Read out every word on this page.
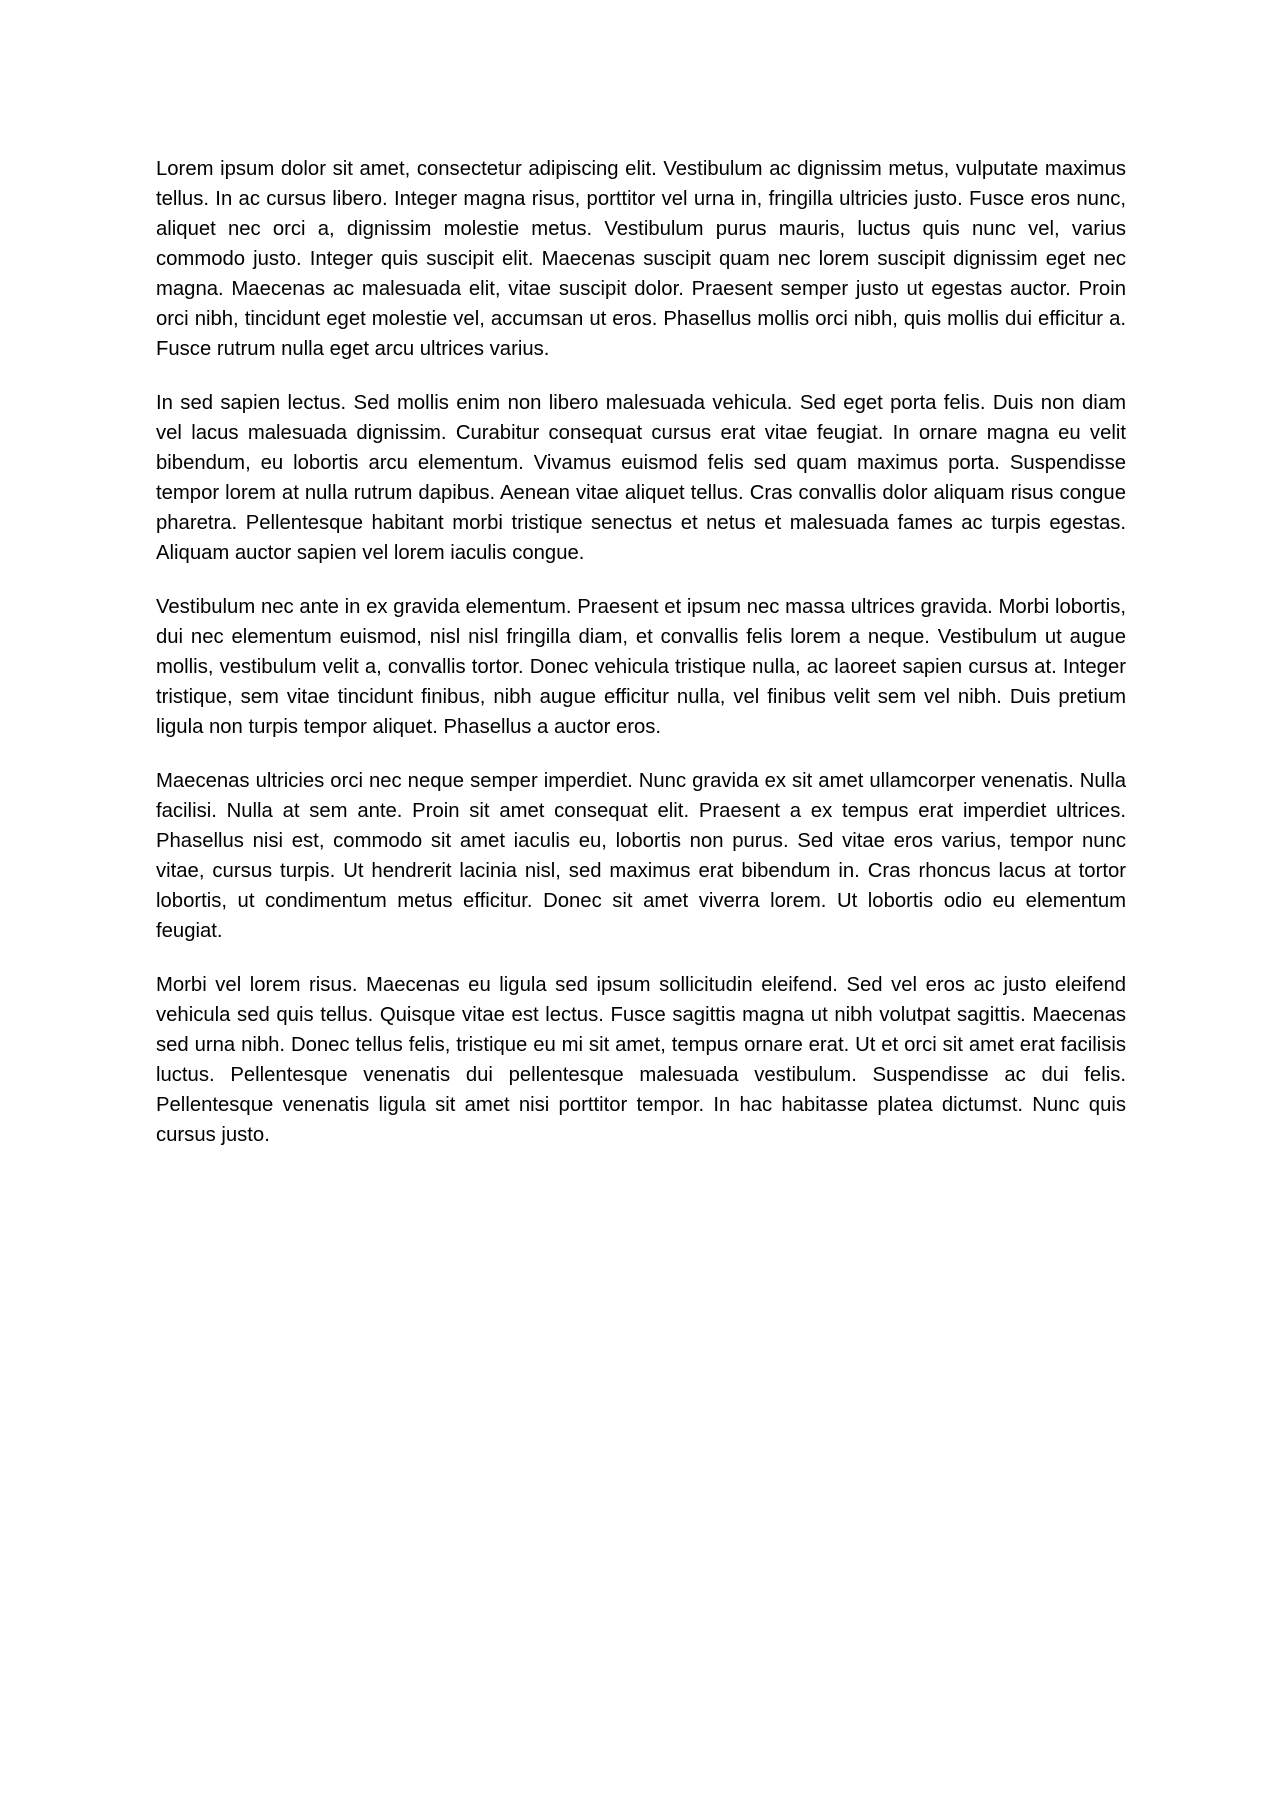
Lorem ipsum dolor sit amet, consectetur adipiscing elit. Vestibulum ac dignissim metus, vulputate maximus tellus. In ac cursus libero. Integer magna risus, porttitor vel urna in, fringilla ultricies justo. Fusce eros nunc, aliquet nec orci a, dignissim molestie metus. Vestibulum purus mauris, luctus quis nunc vel, varius commodo justo. Integer quis suscipit elit. Maecenas suscipit quam nec lorem suscipit dignissim eget nec magna. Maecenas ac malesuada elit, vitae suscipit dolor. Praesent semper justo ut egestas auctor. Proin orci nibh, tincidunt eget molestie vel, accumsan ut eros. Phasellus mollis orci nibh, quis mollis dui efficitur a. Fusce rutrum nulla eget arcu ultrices varius.

In sed sapien lectus. Sed mollis enim non libero malesuada vehicula. Sed eget porta felis. Duis non diam vel lacus malesuada dignissim. Curabitur consequat cursus erat vitae feugiat. In ornare magna eu velit bibendum, eu lobortis arcu elementum. Vivamus euismod felis sed quam maximus porta. Suspendisse tempor lorem at nulla rutrum dapibus. Aenean vitae aliquet tellus. Cras convallis dolor aliquam risus congue pharetra. Pellentesque habitant morbi tristique senectus et netus et malesuada fames ac turpis egestas. Aliquam auctor sapien vel lorem iaculis congue.

Vestibulum nec ante in ex gravida elementum. Praesent et ipsum nec massa ultrices gravida. Morbi lobortis, dui nec elementum euismod, nisl nisl fringilla diam, et convallis felis lorem a neque. Vestibulum ut augue mollis, vestibulum velit a, convallis tortor. Donec vehicula tristique nulla, ac laoreet sapien cursus at. Integer tristique, sem vitae tincidunt finibus, nibh augue efficitur nulla, vel finibus velit sem vel nibh. Duis pretium ligula non turpis tempor aliquet. Phasellus a auctor eros.

Maecenas ultricies orci nec neque semper imperdiet. Nunc gravida ex sit amet ullamcorper venenatis. Nulla facilisi. Nulla at sem ante. Proin sit amet consequat elit. Praesent a ex tempus erat imperdiet ultrices. Phasellus nisi est, commodo sit amet iaculis eu, lobortis non purus. Sed vitae eros varius, tempor nunc vitae, cursus turpis. Ut hendrerit lacinia nisl, sed maximus erat bibendum in. Cras rhoncus lacus at tortor lobortis, ut condimentum metus efficitur. Donec sit amet viverra lorem. Ut lobortis odio eu elementum feugiat.

Morbi vel lorem risus. Maecenas eu ligula sed ipsum sollicitudin eleifend. Sed vel eros ac justo eleifend vehicula sed quis tellus. Quisque vitae est lectus. Fusce sagittis magna ut nibh volutpat sagittis. Maecenas sed urna nibh. Donec tellus felis, tristique eu mi sit amet, tempus ornare erat. Ut et orci sit amet erat facilisis luctus. Pellentesque venenatis dui pellentesque malesuada vestibulum. Suspendisse ac dui felis. Pellentesque venenatis ligula sit amet nisi porttitor tempor. In hac habitasse platea dictumst. Nunc quis cursus justo.
